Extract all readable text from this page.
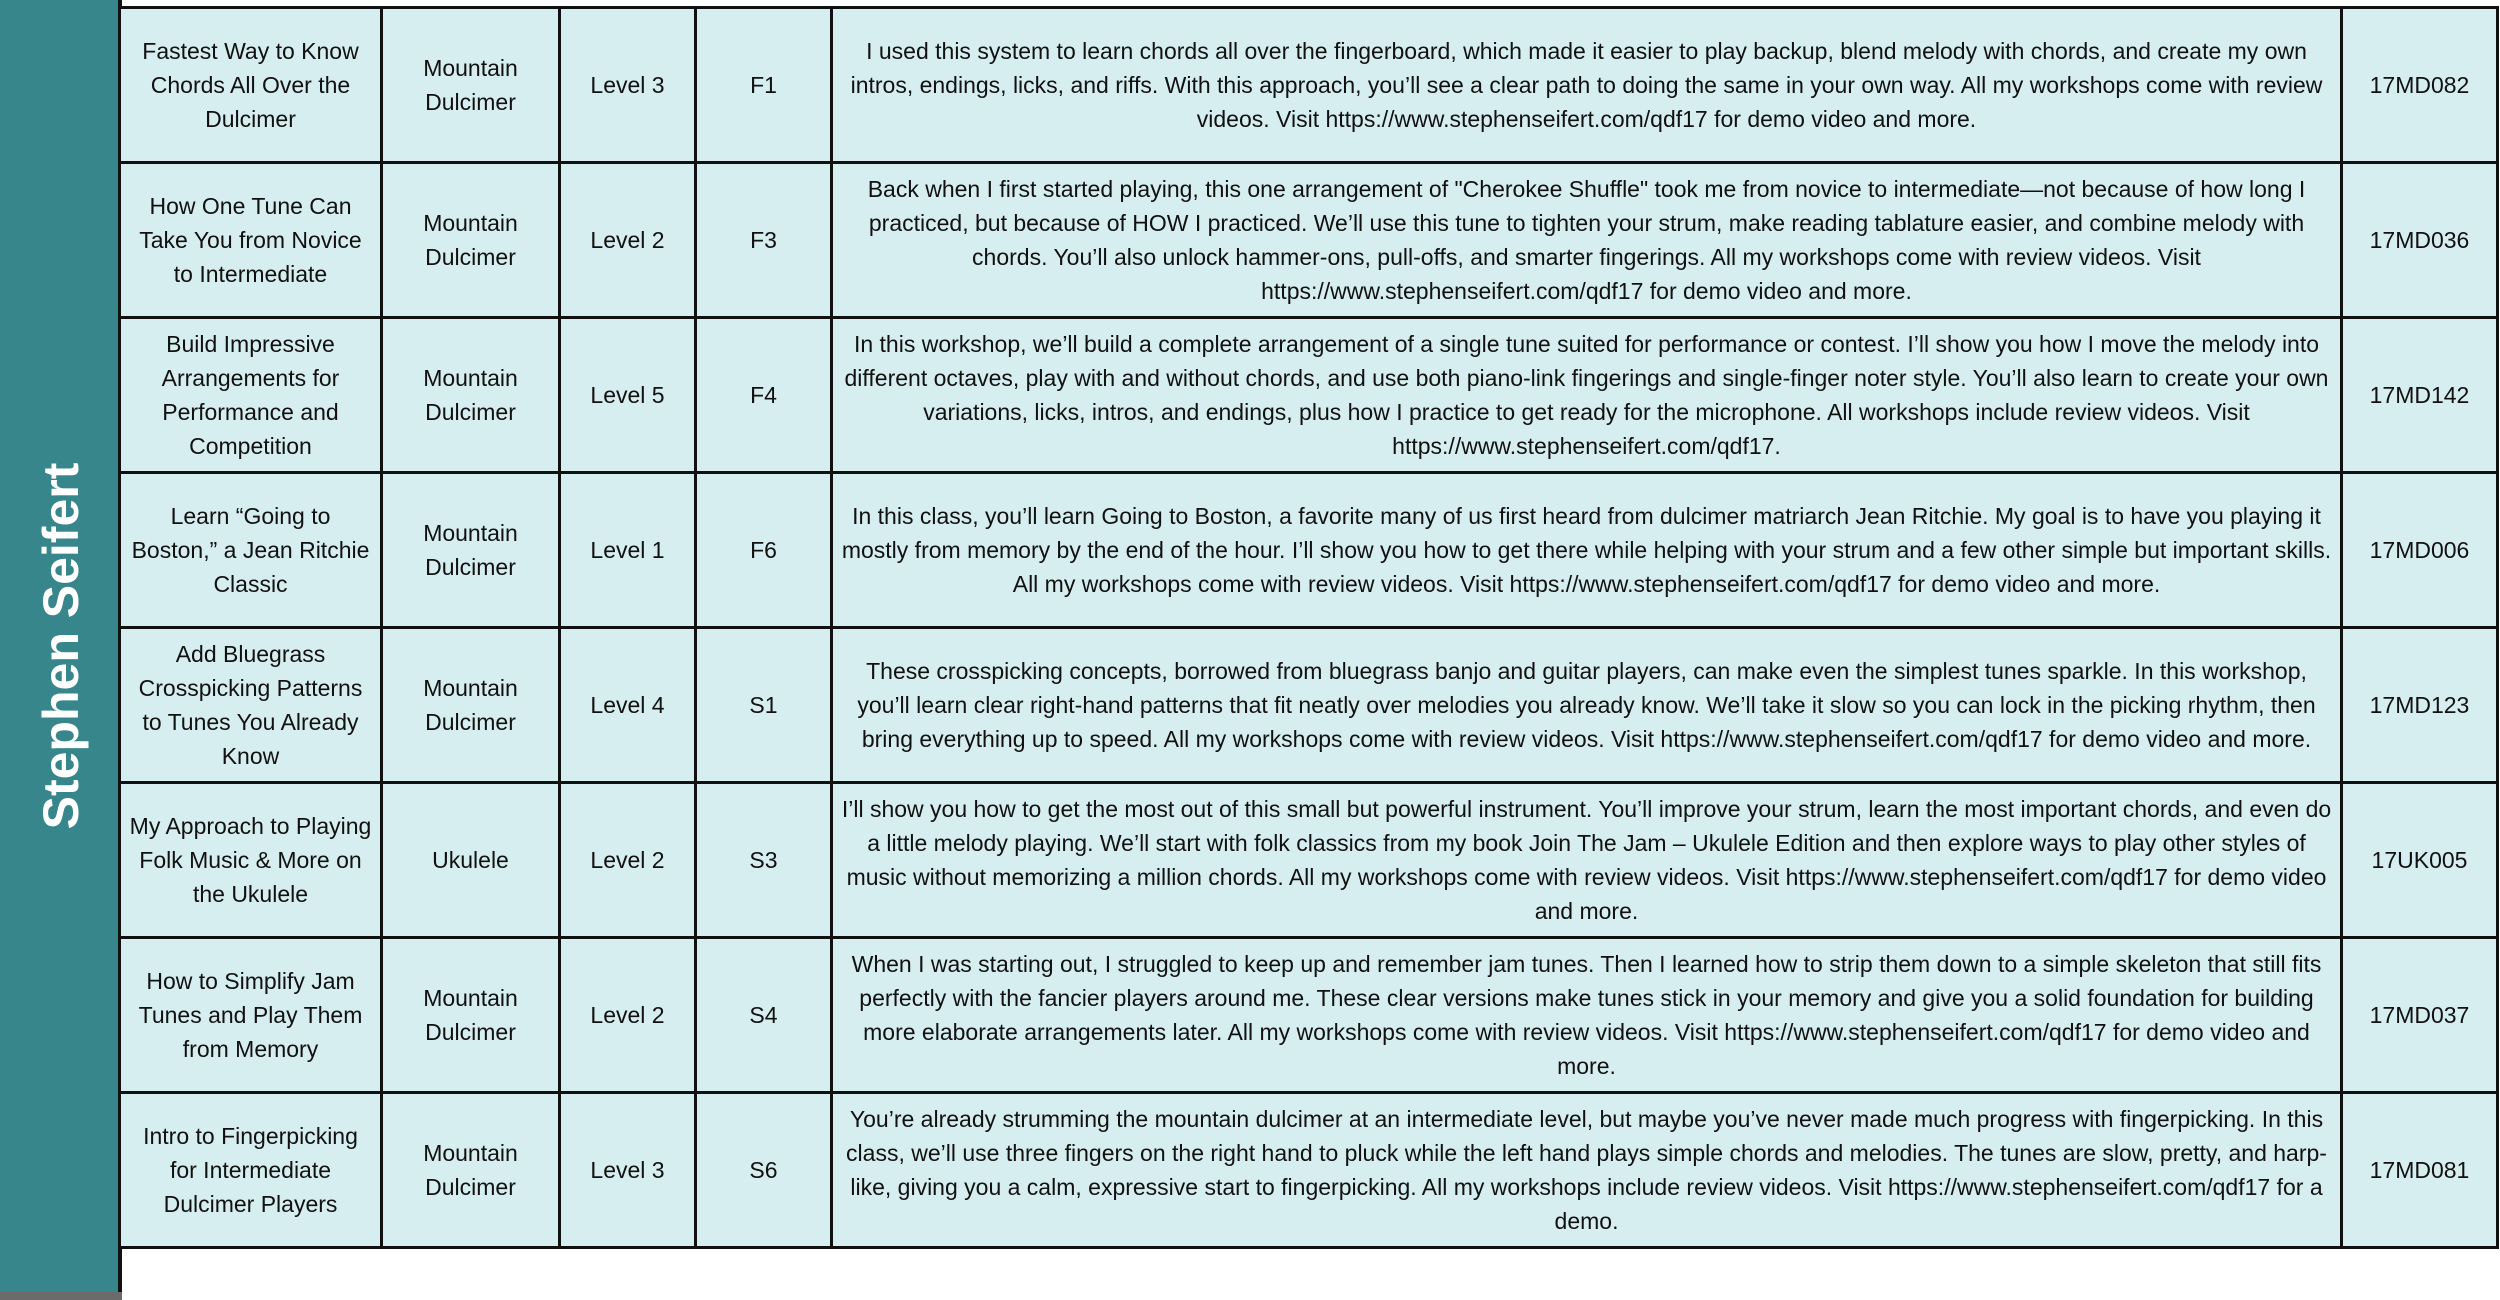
Stephen Seifert
Fastest Way to Know Chords All Over the Dulcimer	Mountain Dulcimer	Level 3	F1	I used this system to learn chords all over the fingerboard, which made it easier to play backup, blend melody with chords, and create my own intros, endings, licks, and riffs. With this approach, you’ll see a clear path to doing the same in your own way. All my workshops come with review videos. Visit https://www.stephenseifert.com/qdf17 for demo video and more.	17MD082
How One Tune Can Take You from Novice to Intermediate	Mountain Dulcimer	Level 2	F3	Back when I first started playing, this one arrangement of "Cherokee Shuffle" took me from novice to intermediate—not because of how long I practiced, but because of HOW I practiced. We’ll use this tune to tighten your strum, make reading tablature easier, and combine melody with chords. You’ll also unlock hammer-ons, pull-offs, and smarter fingerings. All my workshops come with review videos. Visit https://www.stephenseifert.com/qdf17 for demo video and more.	17MD036
Build Impressive Arrangements for Performance and Competition	Mountain Dulcimer	Level 5	F4	In this workshop, we’ll build a complete arrangement of a single tune suited for performance or contest. I’ll show you how I move the melody into different octaves, play with and without chords, and use both piano-link fingerings and single-finger noter style. You’ll also learn to create your own variations, licks, intros, and endings, plus how I practice to get ready for the microphone. All workshops include review videos. Visit https://www.stephenseifert.com/qdf17.	17MD142
Learn “Going to Boston,” a Jean Ritchie Classic	Mountain Dulcimer	Level 1	F6	In this class, you’ll learn Going to Boston, a favorite many of us first heard from dulcimer matriarch Jean Ritchie. My goal is to have you playing it mostly from memory by the end of the hour. I’ll show you how to get there while helping with your strum and a few other simple but important skills. All my workshops come with review videos. Visit https://www.stephenseifert.com/qdf17 for demo video and more.	17MD006
Add Bluegrass Crosspicking Patterns to Tunes You Already Know	Mountain Dulcimer	Level 4	S1	These crosspicking concepts, borrowed from bluegrass banjo and guitar players, can make even the simplest tunes sparkle. In this workshop, you’ll learn clear right-hand patterns that fit neatly over melodies you already know. We’ll take it slow so you can lock in the picking rhythm, then bring everything up to speed. All my workshops come with review videos. Visit https://www.stephenseifert.com/qdf17 for demo video and more.	17MD123
My Approach to Playing Folk Music & More on the Ukulele	Ukulele	Level 2	S3	I’ll show you how to get the most out of this small but powerful instrument. You’ll improve your strum, learn the most important chords, and even do a little melody playing. We’ll start with folk classics from my book Join The Jam – Ukulele Edition and then explore ways to play other styles of music without memorizing a million chords. All my workshops come with review videos. Visit https://www.stephenseifert.com/qdf17 for demo video and more.	17UK005
How to Simplify Jam Tunes and Play Them from Memory	Mountain Dulcimer	Level 2	S4	When I was starting out, I struggled to keep up and remember jam tunes. Then I learned how to strip them down to a simple skeleton that still fits perfectly with the fancier players around me. These clear versions make tunes stick in your memory and give you a solid foundation for building more elaborate arrangements later. All my workshops come with review videos. Visit https://www.stephenseifert.com/qdf17 for demo video and more.	17MD037
Intro to Fingerpicking for Intermediate Dulcimer Players	Mountain Dulcimer	Level 3	S6	You’re already strumming the mountain dulcimer at an intermediate level, but maybe you’ve never made much progress with fingerpicking. In this class, we’ll use three fingers on the right hand to pluck while the left hand plays simple chords and melodies. The tunes are slow, pretty, and harp-like, giving you a calm, expressive start to fingerpicking. All my workshops include review videos. Visit https://www.stephenseifert.com/qdf17 for a demo.	17MD081
